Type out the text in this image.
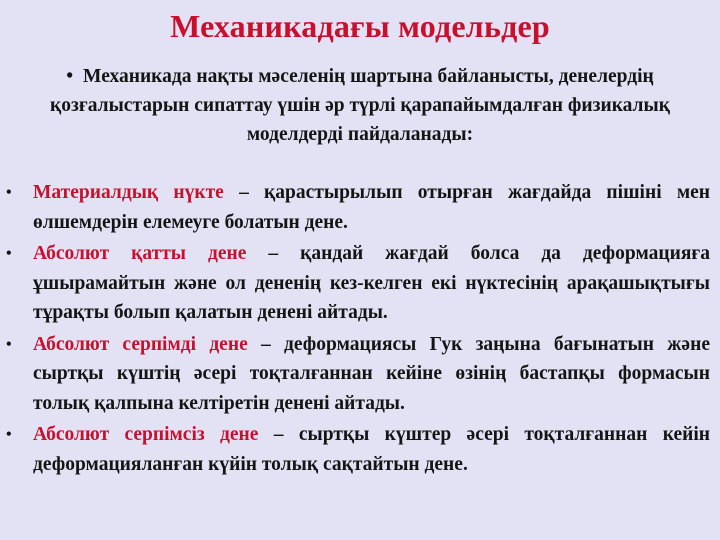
Механикадағы модельдер
• Механикада нақты мәселенің шартына байланысты, денелердің қозғалыстарын сипаттау үшін әр түрлі қарапайымдалған физикалық моделдерді пайдаланады:
• Материалдық нүкте – қарастырылып отырған жағдайда пішіні мен өлшемдерін елемеуге болатын дене.
• Абсолют қатты дене – қандай жағдай болса да деформацияға ұшырамайтын және ол дененің кез-келген екі нүктесінің арақашықтығы тұрақты болып қалатын денені айтады.
• Абсолют серпімді дене – деформациясы Гук заңына бағынатын және сыртқы күштің әсері тоқталғаннан кейіне өзінің бастапқы формасын толық қалпына келтіретін денені айтады.
• Абсолют серпімсіз дене – сыртқы күштер әсері тоқталғаннан кейін деформацияланған күйін толық сақтайтын дене.
